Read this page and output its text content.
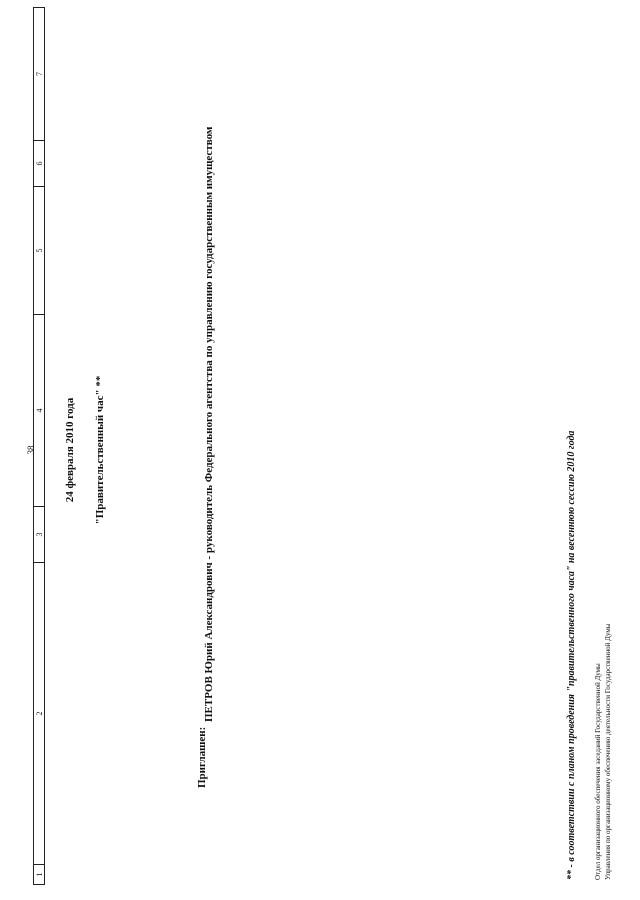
38
1
2
3
4
5
6
7
24 февраля 2010 года "Правительственный час" **
Приглашен:
ПЕТРОВ Юрий Александрович - руководитель Федерального агентства по управлению государственным имуществом	** - в соответствии с планом проведения "правительственного часа" на весеннюю сессию 2010 года Отдел организационного обеспечения заседаний Государственной Думы Управления по организационному обеспечению деятельности Государственной Думы
